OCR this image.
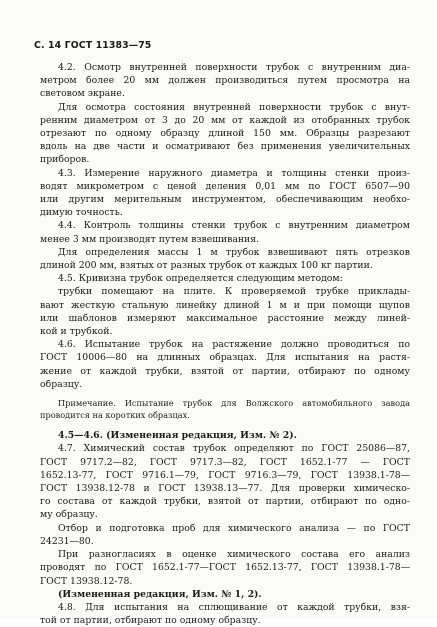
С. 14 ГОСТ 11383—75

4.2. Осмотр внутренней поверхности трубок с внутренним диа-
метром более 20 мм должен производиться путем просмотра на
световом экране.

Для осмотра состояния внутренней поверхности трубок с внут-
ренним диаметром от 3 до 20 мм от каждой из отобранных трубок
отрезают по одному образцу длиной 150 мм. Образцы разрезают
вдоль на две части и осматривают без применения увеличительных
приборов.

4.3. Измерение наружного диаметра и толщины стенки произ-
водят микрометром с ценой деления 0,01 мм по ГОСТ 6507—90
или другим мерительным инструментом, обеспечивающим необхо-
димую точность.

4.4. Контроль толщины стенки трубок с внутренним диаметром
менее 3 мм производят путем взвешивания.

Для определения массы 1 м трубок взвешивают пять отрезков
длиной 200 мм, взятых от разных трубок от каждых 100 кг партии.

4.5. Кривизна трубок определяется следующим методом:

трубки помещают на плите. К проверяемой трубке приклады-
вают жесткую стальную линейку длиной 1 м и при помощи щупов
или шаблонов измеряют максимальное расстояние между линей-
кой и трубкой.

4.6. Испытание трубок на растяжение должно проводиться по
ГОСТ 10006—80 на длинных образцах. Для испытания на растя-
жение от каждой трубки, взятой от партии, отбирают по одному
образцу.

Примечание. Испытание трубок для Волжского автомобильного завода
проводится на коротких образцах.

4.5—4.6. (Измененная редакция, Изм. № 2).

4.7. Химический состав трубок определяют по ГОСТ 25086—87,
ГОСТ 9717.2—82, ГОСТ 9717.3—82, ГОСТ 1652.1-77 — ГОСТ
1652.13-77, ГОСТ 9716.1—79, ГОСТ 9716.3—79, ГОСТ 13938.1-78—
ГОСТ 13938.12-78 и ГОСТ 13938.13—77. Для проверки химическо-
го состава от каждой трубки, взятой от партии, отбирают по одно-
му образцу.

Отбор и подготовка проб для химического анализа — по ГОСТ
24231—80.

При разногласиях в оценке химического состава его анализ
проводят по ГОСТ 1652.1-77—ГОСТ 1652.13-77, ГОСТ 13938.1-78—
ГОСТ 13938.12-78.

(Измененная редакция, Изм. № 1, 2).

4.8. Для испытания на сплющивание от каждой трубки, взя-
той от партии, отбирают по одному образцу.
